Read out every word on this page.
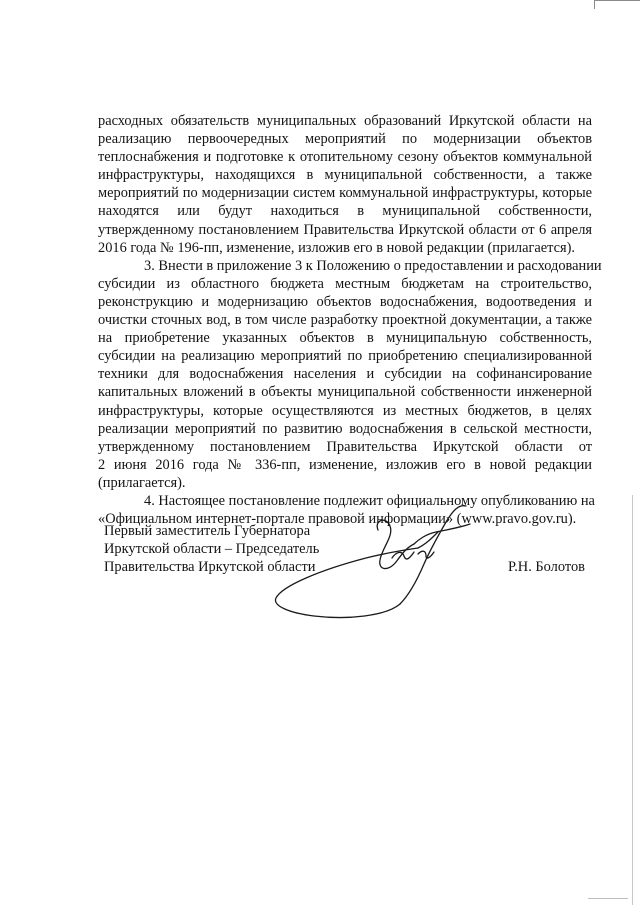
расходных обязательств муниципальных образований Иркутской области на
реализацию первоочередных мероприятий по модернизации объектов
теплоснабжения и подготовке к отопительному сезону объектов коммунальной
инфраструктуры, находящихся в муниципальной собственности, а также
мероприятий по модернизации систем коммунальной инфраструктуры, которые
находятся или будут находиться в муниципальной собственности,
утвержденному постановлением Правительства Иркутской области от 6 апреля
2016 года № 196-пп, изменение, изложив его в новой редакции (прилагается).
3. Внести в приложение 3 к Положению о предоставлении и расходовании
субсидии из областного бюджета местным бюджетам на строительство,
реконструкцию и модернизацию объектов водоснабжения, водоотведения и
очистки сточных вод, в том числе разработку проектной документации, а также
на приобретение указанных объектов в муниципальную собственность,
субсидии на реализацию мероприятий по приобретению специализированной
техники для водоснабжения населения и субсидии на софинансирование
капитальных вложений в объекты муниципальной собственности инженерной
инфраструктуры, которые осуществляются из местных бюджетов, в целях
реализации мероприятий по развитию водоснабжения в сельской местности,
утвержденному постановлением Правительства Иркутской области от
2 июня 2016 года № 336-пп, изменение, изложив его в новой редакции
(прилагается).
4. Настоящее постановление подлежит официальному опубликованию на
«Официальном интернет-портале правовой информации» (www.pravo.gov.ru).
Первый заместитель Губернатора
Иркутской области – Председатель
Правительства Иркутской области	Р.Н. Болотов
